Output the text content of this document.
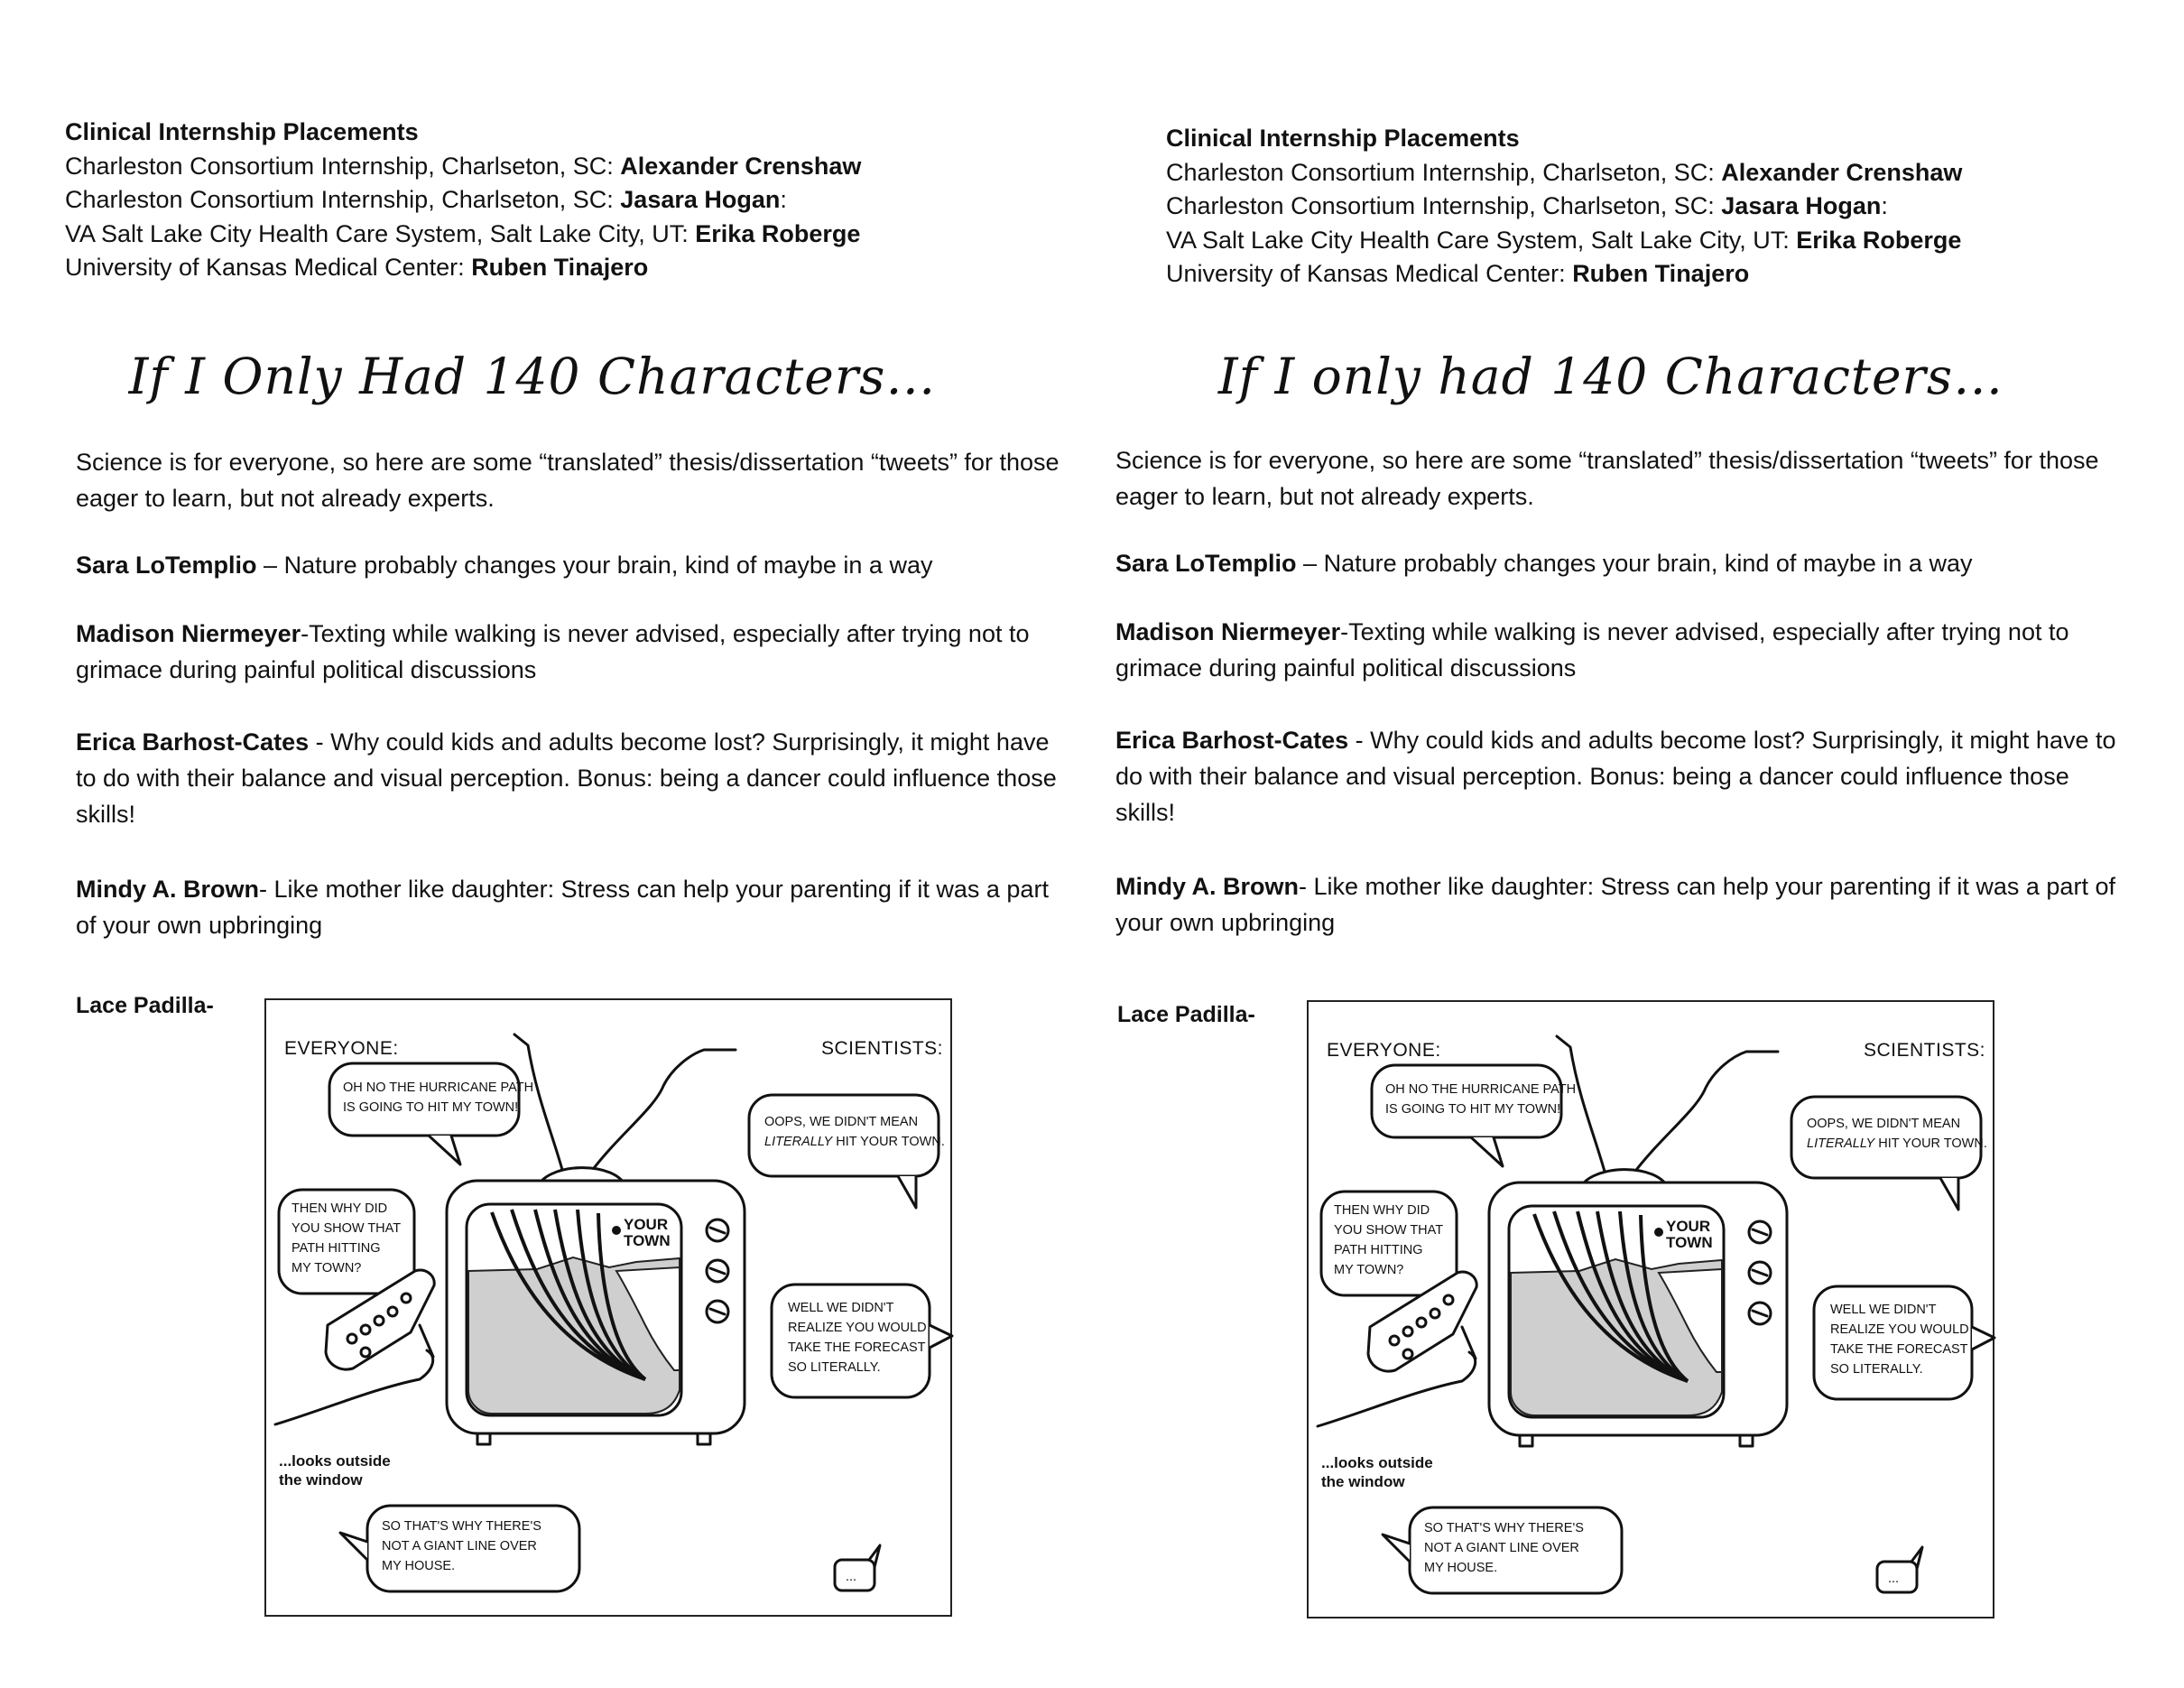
Clinical Internship Placements
Charleston Consortium Internship, Charlseton, SC: Alexander Crenshaw
Charleston Consortium Internship, Charlseton, SC: Jasara Hogan:
VA Salt Lake City Health Care System, Salt Lake City, UT: Erika Roberge
University of Kansas Medical Center: Ruben Tinajero
If I Only Had 140 Characters…
Science is for everyone, so here are some “translated” thesis/dissertation “tweets” for those eager to learn, but not already experts.
Sara LoTemplio – Nature probably changes your brain, kind of maybe in a way
Madison Niermeyer-Texting while walking is never advised, especially after trying not to grimace during painful political discussions
Erica Barhost-Cates - Why could kids and adults become lost? Surprisingly, it might have to do with their balance and visual perception. Bonus: being a dancer could influence those skills!
Mindy A. Brown- Like mother like daughter: Stress can help your parenting if it was a part of your own upbringing
Lace Padilla-
EVERYONE:	SCIENTISTS:
OH NO THE HURRICANE PATH
IS GOING TO HIT MY TOWN!
OOPS, WE DIDN'T MEAN
LITERALLY HIT YOUR TOWN.
THEN WHY DID
YOU SHOW THAT
PATH HITTING
MY TOWN?
WELL WE DIDN'T
REALIZE YOU WOULD
TAKE THE FORECAST
SO LITERALLY.
YOUR
TOWN
...looks outside
the window
SO THAT'S WHY THERE'S
NOT A GIANT LINE OVER
MY HOUSE.
...
Clinical Internship Placements
Charleston Consortium Internship, Charlseton, SC: Alexander Crenshaw
Charleston Consortium Internship, Charlseton, SC: Jasara Hogan:
VA Salt Lake City Health Care System, Salt Lake City, UT: Erika Roberge
University of Kansas Medical Center: Ruben Tinajero
If I only had 140 Characters…
Science is for everyone, so here are some “translated” thesis/dissertation “tweets” for those eager to learn, but not already experts.
Sara LoTemplio – Nature probably changes your brain, kind of maybe in a way
Madison Niermeyer-Texting while walking is never advised, especially after trying not to grimace during painful political discussions
Erica Barhost-Cates - Why could kids and adults become lost? Surprisingly, it might have to do with their balance and visual perception. Bonus: being a dancer could influence those skills!
Mindy A. Brown- Like mother like daughter: Stress can help your parenting if it was a part of your own upbringing
Lace Padilla-
EVERYONE:	SCIENTISTS:
OH NO THE HURRICANE PATH
IS GOING TO HIT MY TOWN!
OOPS, WE DIDN'T MEAN
LITERALLY HIT YOUR TOWN.
THEN WHY DID
YOU SHOW THAT
PATH HITTING
MY TOWN?
WELL WE DIDN'T
REALIZE YOU WOULD
TAKE THE FORECAST
SO LITERALLY.
YOUR
TOWN
...looks outside
the window
SO THAT'S WHY THERE'S
NOT A GIANT LINE OVER
MY HOUSE.
...
